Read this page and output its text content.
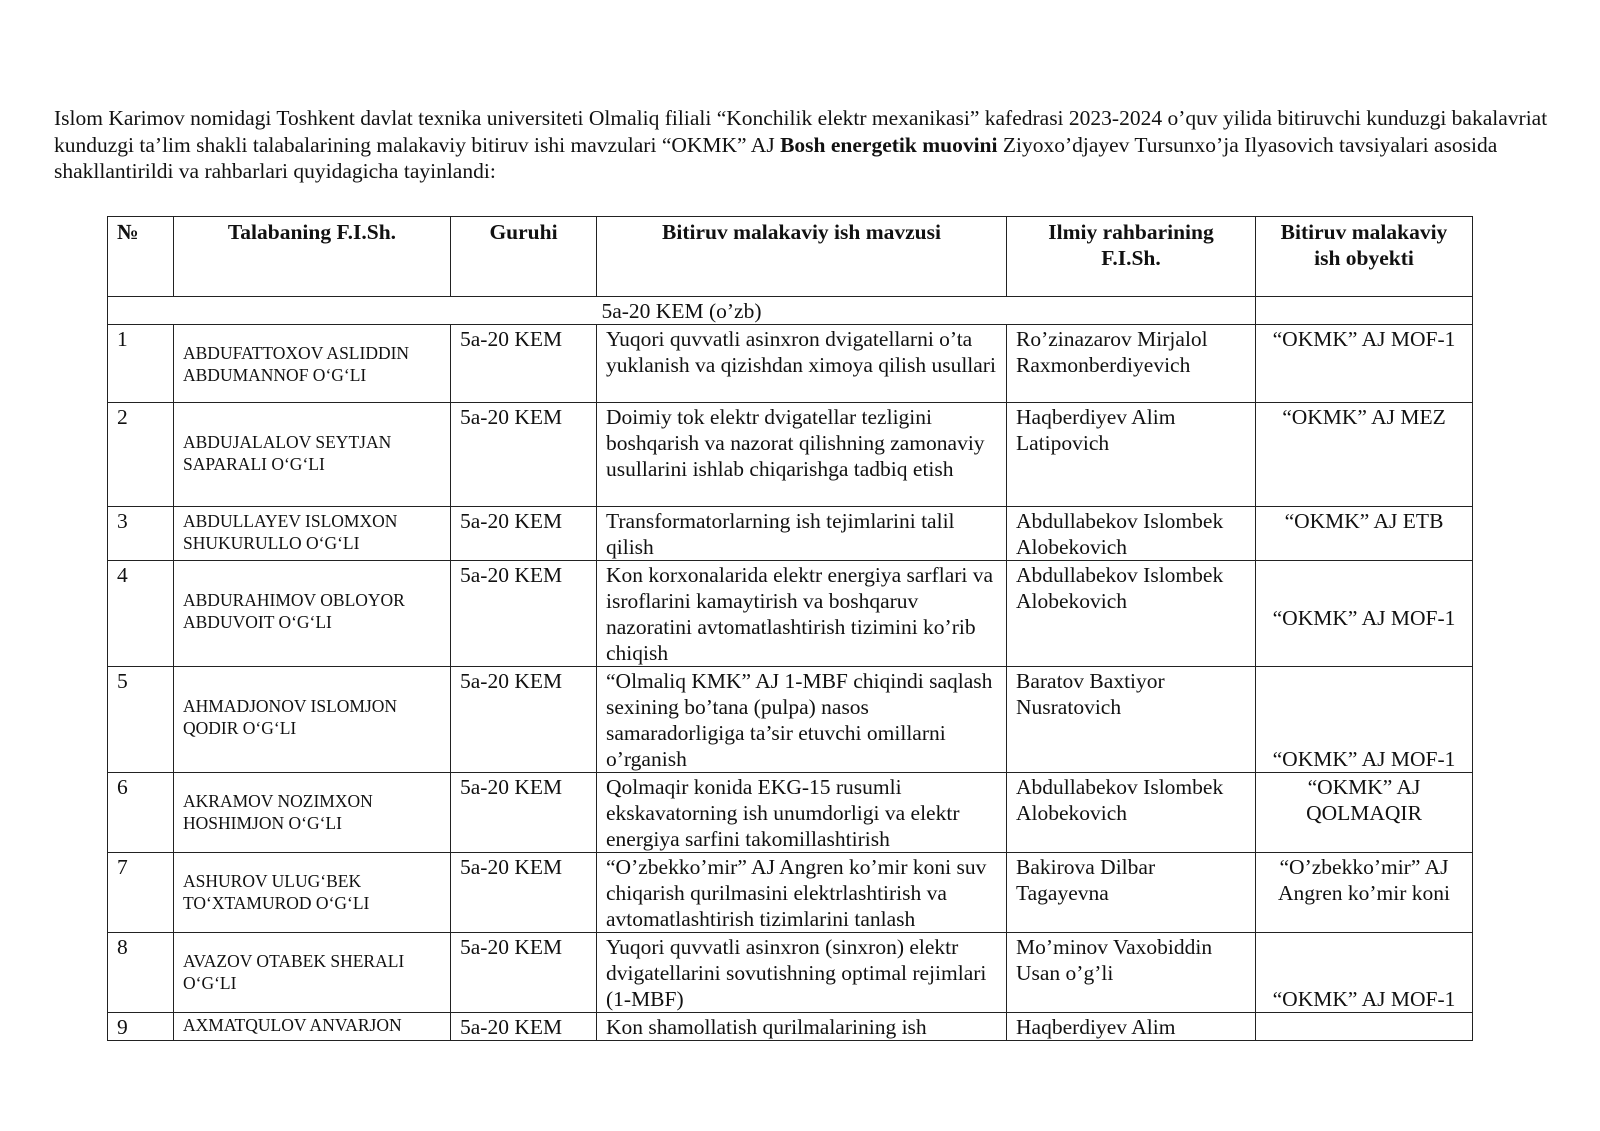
Islom Karimov nomidagi Toshkent davlat texnika universiteti Olmaliq filiali “Konchilik elektr mexanikasi” kafedrasi 2023-2024 o’quv yilida bitiruvchi kunduzgi bakalavriat kunduzgi ta’lim shakli talabalarining malakaviy bitiruv ishi mavzulari “OKMK” AJ Bosh energetik muovini Ziyoxo’djayev Tursunxo’ja Ilyasovich tavsiyalari asosida shakllantirildi va rahbarlari quyidagicha tayinlandi:

№	Talabaning F.I.Sh.	Guruhi	Bitiruv malakaviy ish mavzusi	Ilmiy rahbarining F.I.Sh.	Bitiruv malakaviy ish obyekti
5a-20 KEM (o’zb)					
1	ABDUFATTOXOV ASLIDDIN ABDUMANNOF O‘G‘LI	5a-20 KEM	Yuqori quvvatli asinxron dvigatellarni o’ta yuklanish va qizishdan ximoya qilish usullari	Ro’zinazarov Mirjalol Raxmonberdiyevich	“OKMK” AJ MOF-1
2	ABDUJALALOV SEYTJAN SAPARALI O‘G‘LI	5a-20 KEM	Doimiy tok elektr dvigatellar tezligini boshqarish va nazorat qilishning zamonaviy usullarini ishlab chiqarishga tadbiq etish	Haqberdiyev Alim Latipovich	“OKMK” AJ MEZ
3	ABDULLAYEV ISLOMXON SHUKURULLO O‘G‘LI	5a-20 KEM	Transformatorlarning ish tejimlarini talil qilish	Abdullabekov Islombek Alobekovich	“OKMK” AJ ETB
4	ABDURAHIMOV OBLOYOR ABDUVOIT O‘G‘LI	5a-20 KEM	Kon korxonalarida elektr energiya sarflari va isroflarini kamaytirish va boshqaruv nazoratini avtomatlashtirish tizimini ko’rib chiqish	Abdullabekov Islombek Alobekovich	“OKMK” AJ MOF-1
5	AHMADJONOV ISLOMJON QODIR O‘G‘LI	5a-20 KEM	“Olmaliq KMK” AJ 1-MBF chiqindi saqlash sexining bo’tana (pulpa) nasos samaradorligiga ta’sir etuvchi omillarni o’rganish	Baratov Baxtiyor Nusratovich	“OKMK” AJ MOF-1
6	AKRAMOV NOZIMXON HOSHIMJON O‘G‘LI	5a-20 KEM	Qolmaqir konida EKG-15 rusumli ekskavatorning ish unumdorligi va elektr energiya sarfini takomillashtirish	Abdullabekov Islombek Alobekovich	“OKMK” AJ QOLMAQIR
7	ASHUROV ULUG‘BEK TO‘XTAMUROD O‘G‘LI	5a-20 KEM	“O’zbekko’mir” AJ Angren ko’mir koni suv chiqarish qurilmasini elektrlashtirish va avtomatlashtirish tizimlarini tanlash	Bakirova Dilbar Tagayevna	“O’zbekko’mir” AJ Angren ko’mir koni
8	AVAZOV OTABEK SHERALI O‘G‘LI	5a-20 KEM	Yuqori quvvatli asinxron (sinxron) elektr dvigatellarini sovutishning optimal rejimlari (1-MBF)	Mo’minov Vaxobiddin Usan o’g’li	“OKMK” AJ MOF-1
9	AXMATQULOV ANVARJON	5a-20 KEM	Kon shamollatish qurilmalarining ish	Haqberdiyev Alim	
